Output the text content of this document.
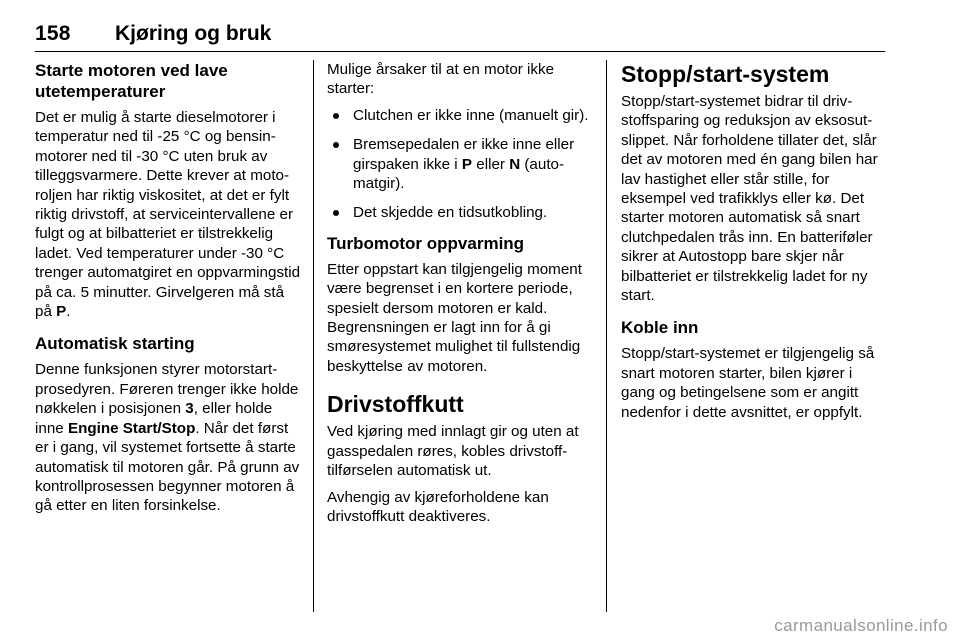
158 Kjøring og bruk
Starte motoren ved lave utetemperaturer

Det er mulig å starte dieselmotorer i temperatur ned til -25 °C og bensinmotorer ned til -30 °C uten bruk av tilleggsvarmere. Dette krever at motoroljen har riktig viskositet, at det er fylt riktig drivstoff, at serviceintervallene er fulgt og at bilbatteriet er tilstrekkelig ladet. Ved temperaturer under -30 °C trenger automatgiret en oppvarmingstid på ca. 5 minutter. Girvelgeren må stå på P.

Automatisk starting

Denne funksjonen styrer motorstartprosedyren. Føreren trenger ikke holde nøkkelen i posisjonen 3, eller holde inne Engine Start/Stop. Når det først er i gang, vil systemet fortsette å starte automatisk til motoren går. På grunn av kontrollprosessen begynner motoren å gå etter en liten forsinkelse.

Mulige årsaker til at en motor ikke starter:

Clutchen er ikke inne (manuelt gir).
Bremsepedalen er ikke inne eller girspaken ikke i P eller N (automatgir).
Det skjedde en tidsutkobling.
Turbomotor oppvarming

Etter oppstart kan tilgjengelig moment være begrenset i en kortere periode, spesielt dersom motoren er kald. Begrensningen er lagt inn for å gi smøresystemet mulighet til fullstendig beskyttelse av motoren.

Drivstoffkutt

Ved kjøring med innlagt gir og uten at gasspedalen røres, kobles drivstofftilførselen automatisk ut.

Avhengig av kjøreforholdene kan drivstoffkutt deaktiveres.

Stopp/start-system

Stopp/start-systemet bidrar til drivstoffsparing og reduksjon av eksosutslippet. Når forholdene tillater det, slår det av motoren med én gang bilen har lav hastighet eller står stille, for eksempel ved trafikklys eller kø. Det starter motoren automatisk så snart clutchpedalen trås inn. En batteriføler sikrer at Autostopp bare skjer når bilbatteriet er tilstrekkelig ladet for ny start.

Koble inn

Stopp/start-systemet er tilgjengelig så snart motoren starter, bilen kjører i gang og betingelsene som er angitt nedenfor i dette avsnittet, er oppfylt.

carmanualsonline.info
